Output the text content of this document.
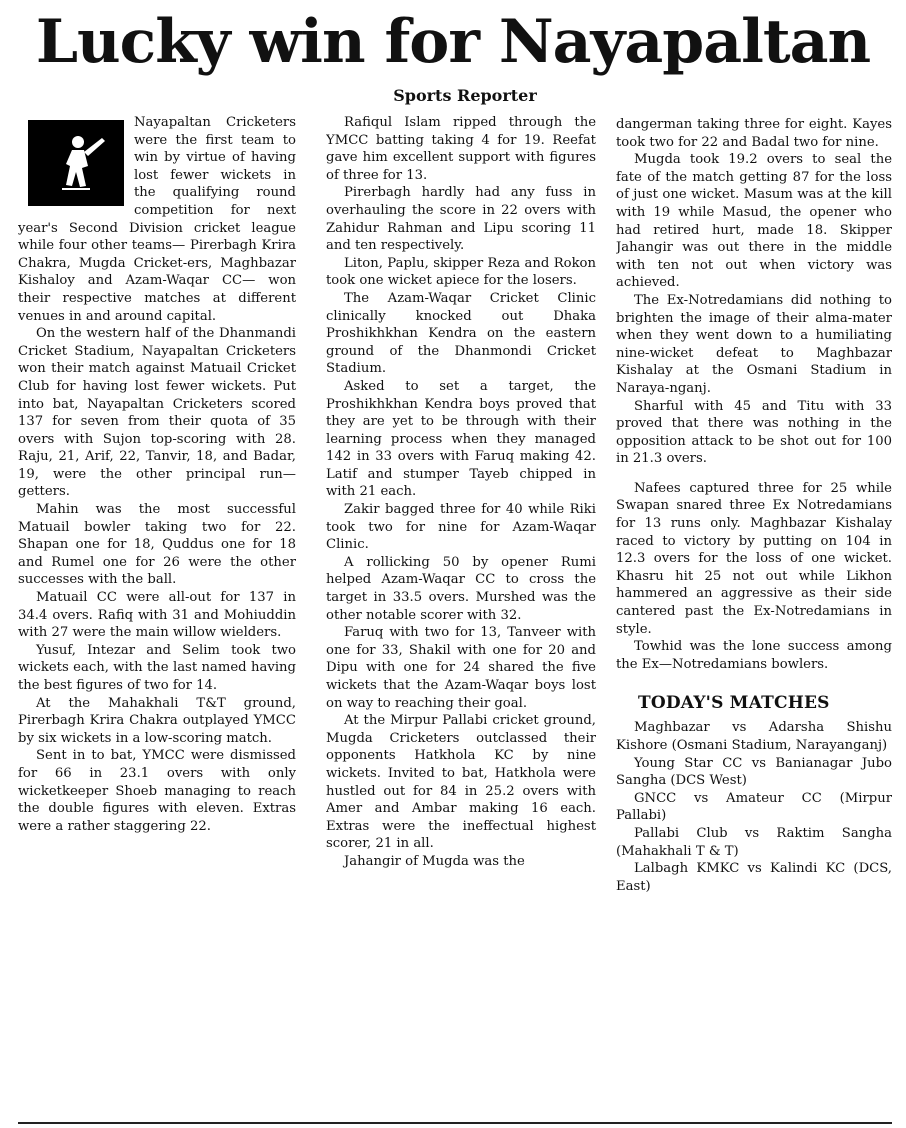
Lucky win for Nayapaltan
Sports Reporter

Nayapaltan Cricketers were the first team to win by virtue of having lost fewer wickets in the qualifying round competition for next year's Second Division cricket league while four other teams— Pirerbagh Krira Chakra, Mugda Cricket-ers, Maghbazar Kishaloy and Azam-Waqar CC— won their respective matches at different venues in and around capital.

On the western half of the Dhanmandi Cricket Stadium, Nayapaltan Cricketers won their match against Matuail Cricket Club for having lost fewer wickets. Put into bat, Nayapaltan Cricketers scored 137 for seven from their quota of 35 overs with Sujon top-scoring with 28. Raju, 21, Arif, 22, Tanvir, 18, and Badar, 19, were the other principal run—getters.

Mahin was the most successful Matuail bowler taking two for 22. Shapan one for 18, Quddus one for 18 and Rumel one for 26 were the other successes with the ball.

Matuail CC were all-out for 137 in 34.4 overs. Rafiq with 31 and Mohiuddin with 27 were the main willow wielders.

Yusuf, Intezar and Selim took two wickets each, with the last named having the best figures of two for 14.

At the Mahakhali T&T ground, Pirerbagh Krira Chakra outplayed YMCC by six wickets in a low-scoring match.

Sent in to bat, YMCC were dismissed for 66 in 23.1 overs with only wicketkeeper Shoeb managing to reach the double figures with eleven. Extras were a rather staggering 22.

Rafiqul Islam ripped through the YMCC batting taking 4 for 19. Reefat gave him excellent support with figures of three for 13.

Pirerbagh hardly had any fuss in overhauling the score in 22 overs with Zahidur Rahman and Lipu scoring 11 and ten respectively.

Liton, Paplu, skipper Reza and Rokon took one wicket apiece for the losers.

The Azam-Waqar Cricket Clinic clinically knocked out Dhaka Proshikhkhan Kendra on the eastern ground of the Dhanmondi Cricket Stadium.

Asked to set a target, the Proshikhkhan Kendra boys proved that they are yet to be through with their learning process when they managed 142 in 33 overs with Faruq making 42. Latif and stumper Tayeb chipped in with 21 each.

Zakir bagged three for 40 while Riki took two for nine for Azam-Waqar Clinic.

A rollicking 50 by opener Rumi helped Azam-Waqar CC to cross the target in 33.5 overs. Murshed was the other notable scorer with 32.

Faruq with two for 13, Tanveer with one for 33, Shakil with one for 20 and Dipu with one for 24 shared the five wickets that the Azam-Waqar boys lost on way to reaching their goal.

At the Mirpur Pallabi cricket ground, Mugda Cricketers outclassed their opponents Hatkhola KC by nine wickets. Invited to bat, Hatkhola were hustled out for 84 in 25.2 overs with Amer and Ambar making 16 each. Extras were the ineffectual highest scorer, 21 in all.

Jahangir of Mugda was the

dangerman taking three for eight. Kayes took two for 22 and Badal two for nine.

Mugda took 19.2 overs to seal the fate of the match getting 87 for the loss of just one wicket. Masum was at the kill with 19 while Masud, the opener who had retired hurt, made 18. Skipper Jahangir was out there in the middle with ten not out when victory was achieved.

The Ex-Notredamians did nothing to brighten the image of their alma-mater when they went down to a humiliating nine-wicket defeat to Maghbazar Kishalay at the Osmani Stadium in Naraya-nganj.

Sharful with 45 and Titu with 33 proved that there was nothing in the opposition attack to be shot out for 100 in 21.3 overs.

Nafees captured three for 25 while Swapan snared three Ex Notredamians for 13 runs only. Maghbazar Kishalay raced to victory by putting on 104 in 12.3 overs for the loss of one wicket. Khasru hit 25 not out while Likhon hammered an aggressive as their side cantered past the Ex-Notredamians in style.

Towhid was the lone success among the Ex—Notredamians bowlers.

TODAY'S MATCHES

Maghbazar vs Adarsha Shishu Kishore (Osmani Stadium, Narayanganj)

Young Star CC vs Banianagar Jubo Sangha (DCS West)

GNCC vs Amateur CC (Mirpur Pallabi)

Pallabi Club vs Raktim Sangha (Mahakhali T & T)

Lalbagh KMKC vs Kalindi KC (DCS, East)
